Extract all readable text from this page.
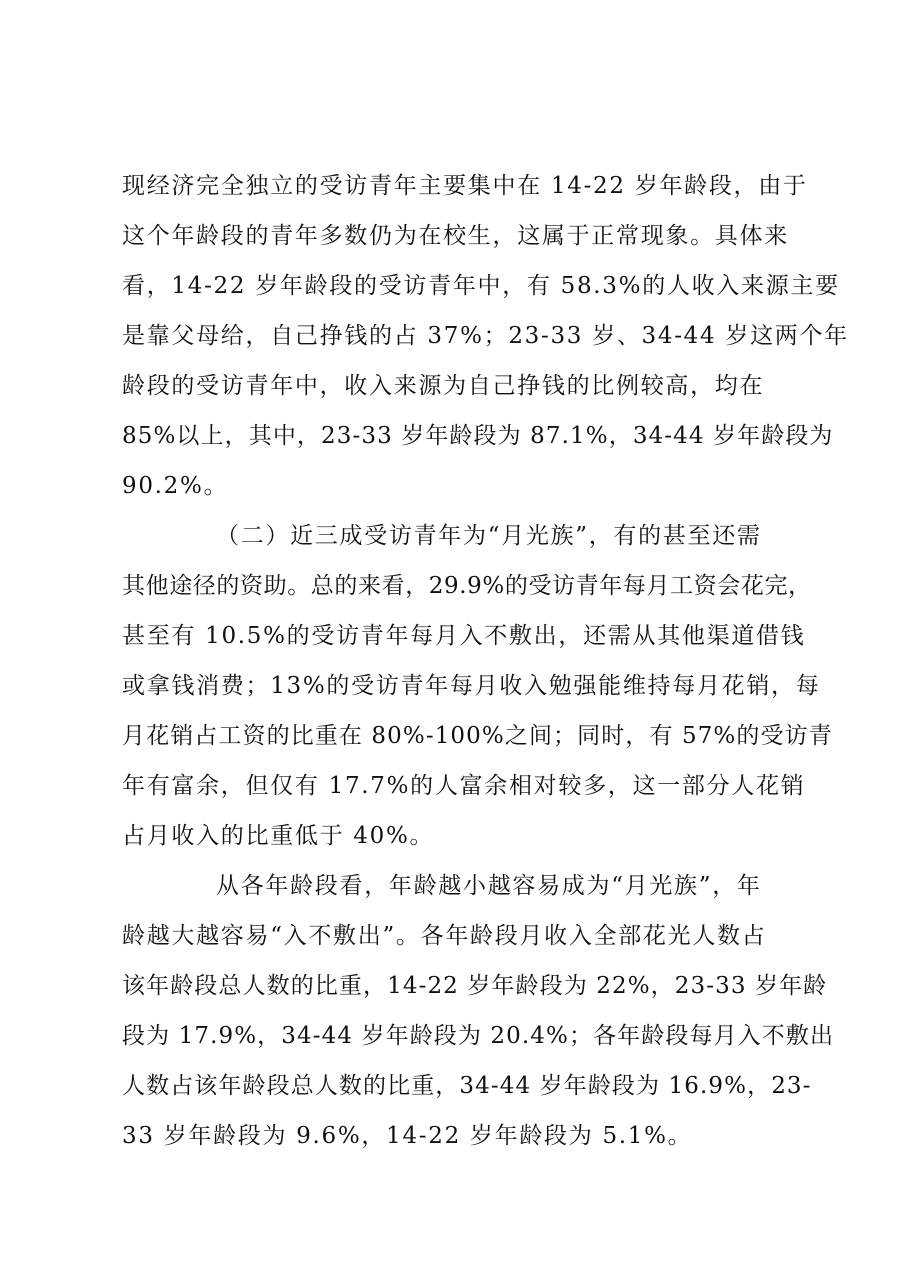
现经济完全独立的受访青年主要集中在 14-22 岁年龄段，由于
这个年龄段的青年多数仍为在校生，这属于正常现象。具体来
看，14-22 岁年龄段的受访青年中，有 58.3%的人收入来源主要
是靠父母给，自己挣钱的占 37%；23-33 岁、34-44 岁这两个年
龄段的受访青年中，收入来源为自己挣钱的比例较高，均在
85%以上，其中，23-33 岁年龄段为 87.1%，34-44 岁年龄段为
90.2%。
（二）近三成受访青年为“月光族”，有的甚至还需
其他途径的资助。总的来看，29.9%的受访青年每月工资会花完，
甚至有 10.5%的受访青年每月入不敷出，还需从其他渠道借钱
或拿钱消费；13%的受访青年每月收入勉强能维持每月花销，每
月花销占工资的比重在 80%-100%之间；同时，有 57%的受访青
年有富余，但仅有 17.7%的人富余相对较多，这一部分人花销
占月收入的比重低于 40%。
从各年龄段看，年龄越小越容易成为“月光族”，年
龄越大越容易“入不敷出”。各年龄段月收入全部花光人数占
该年龄段总人数的比重，14-22 岁年龄段为 22%，23-33 岁年龄
段为 17.9%，34-44 岁年龄段为 20.4%；各年龄段每月入不敷出
人数占该年龄段总人数的比重，34-44 岁年龄段为 16.9%，23-
33 岁年龄段为 9.6%，14-22 岁年龄段为 5.1%。
